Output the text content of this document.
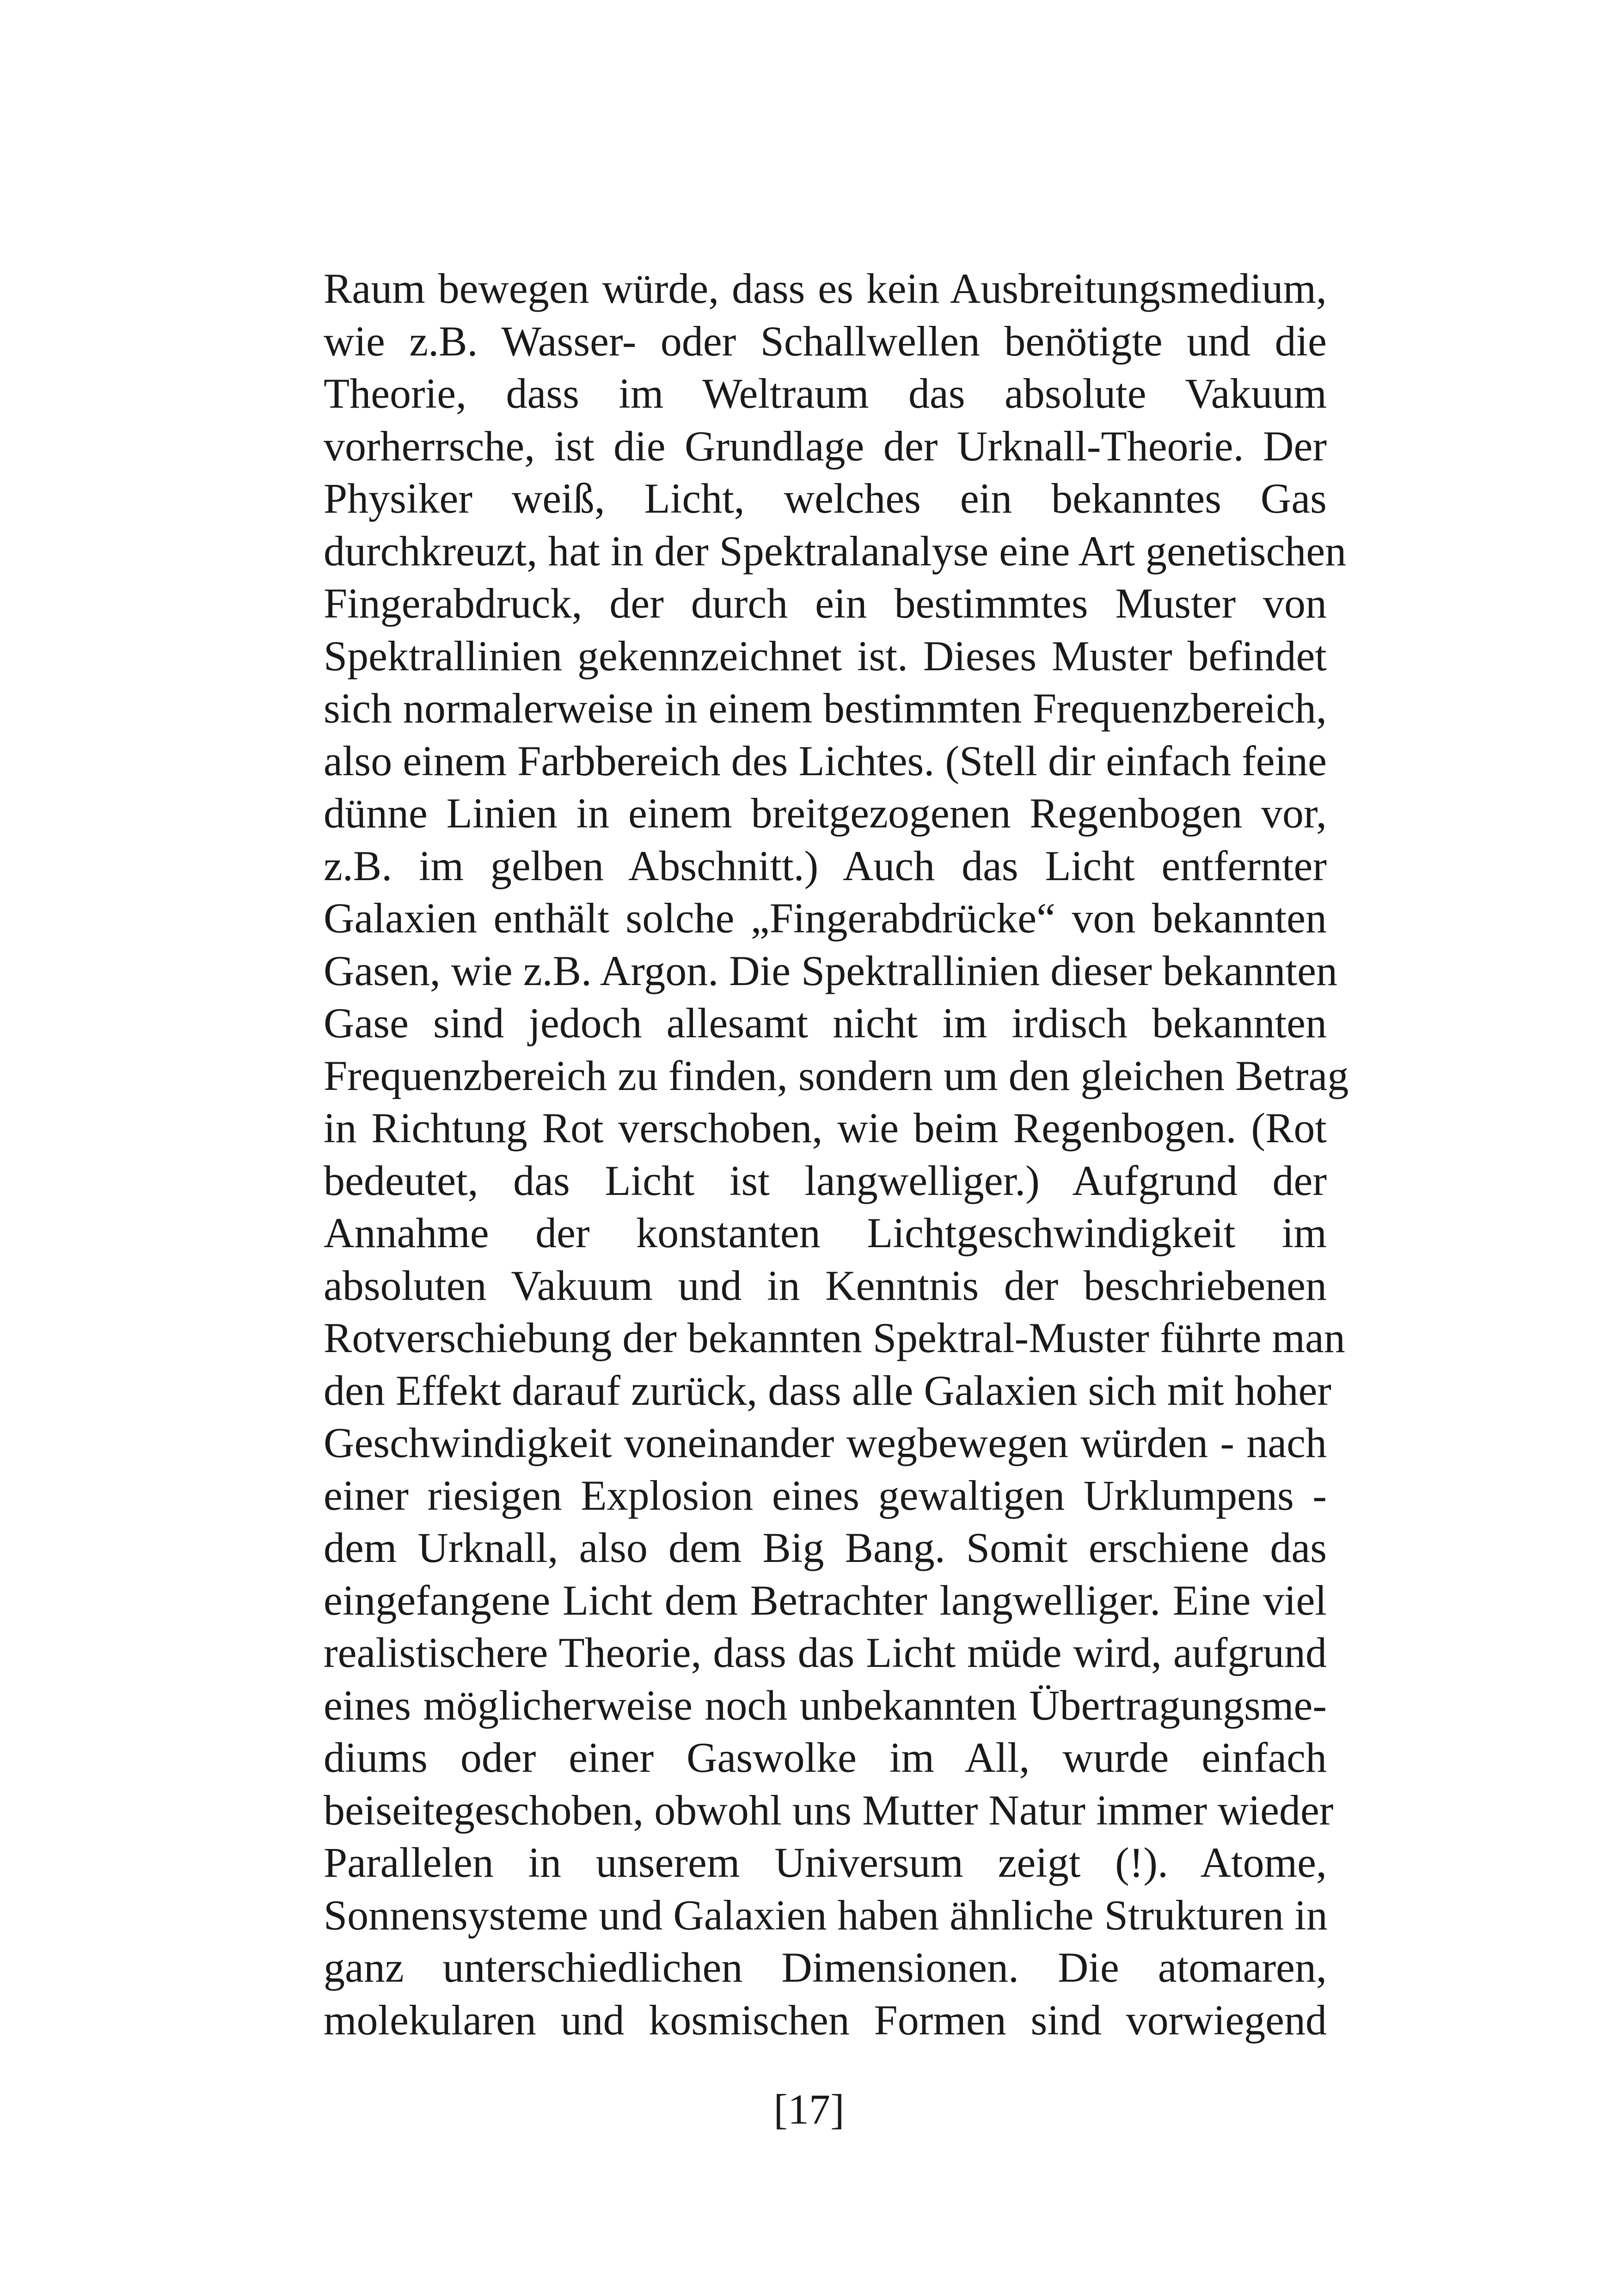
Raum bewegen würde, dass es kein Ausbreitungsmedium,
wie z.B. Wasser- oder Schallwellen benötigte und die
Theorie, dass im Weltraum das absolute Vakuum
vorherrsche, ist die Grundlage der Urknall-Theorie. Der
Physiker weiß, Licht, welches ein bekanntes Gas
durchkreuzt, hat in der Spektralanalyse eine Art genetischen
Fingerabdruck, der durch ein bestimmtes Muster von
Spektrallinien gekennzeichnet ist. Dieses Muster befindet
sich normalerweise in einem bestimmten Frequenzbereich,
also einem Farbbereich des Lichtes. (Stell dir einfach feine
dünne Linien in einem breitgezogenen Regenbogen vor,
z.B. im gelben Abschnitt.) Auch das Licht entfernter
Galaxien enthält solche „Fingerabdrücke“ von bekannten
Gasen, wie z.B. Argon. Die Spektrallinien dieser bekannten
Gase sind jedoch allesamt nicht im irdisch bekannten
Frequenzbereich zu finden, sondern um den gleichen Betrag
in Richtung Rot verschoben, wie beim Regenbogen. (Rot
bedeutet, das Licht ist langwelliger.) Aufgrund der
Annahme der konstanten Lichtgeschwindigkeit im
absoluten Vakuum und in Kenntnis der beschriebenen
Rotverschiebung der bekannten Spektral-Muster führte man
den Effekt darauf zurück, dass alle Galaxien sich mit hoher
Geschwindigkeit voneinander wegbewegen würden - nach
einer riesigen Explosion eines gewaltigen Urklumpens -
dem Urknall, also dem Big Bang. Somit erschiene das
eingefangene Licht dem Betrachter langwelliger. Eine viel
realistischere Theorie, dass das Licht müde wird, aufgrund
eines möglicherweise noch unbekannten Übertragungsme-
diums oder einer Gaswolke im All, wurde einfach
beiseitegeschoben, obwohl uns Mutter Natur immer wieder
Parallelen in unserem Universum zeigt (!). Atome,
Sonnensysteme und Galaxien haben ähnliche Strukturen in
ganz unterschiedlichen Dimensionen. Die atomaren,
molekularen und kosmischen Formen sind vorwiegend
[17]
